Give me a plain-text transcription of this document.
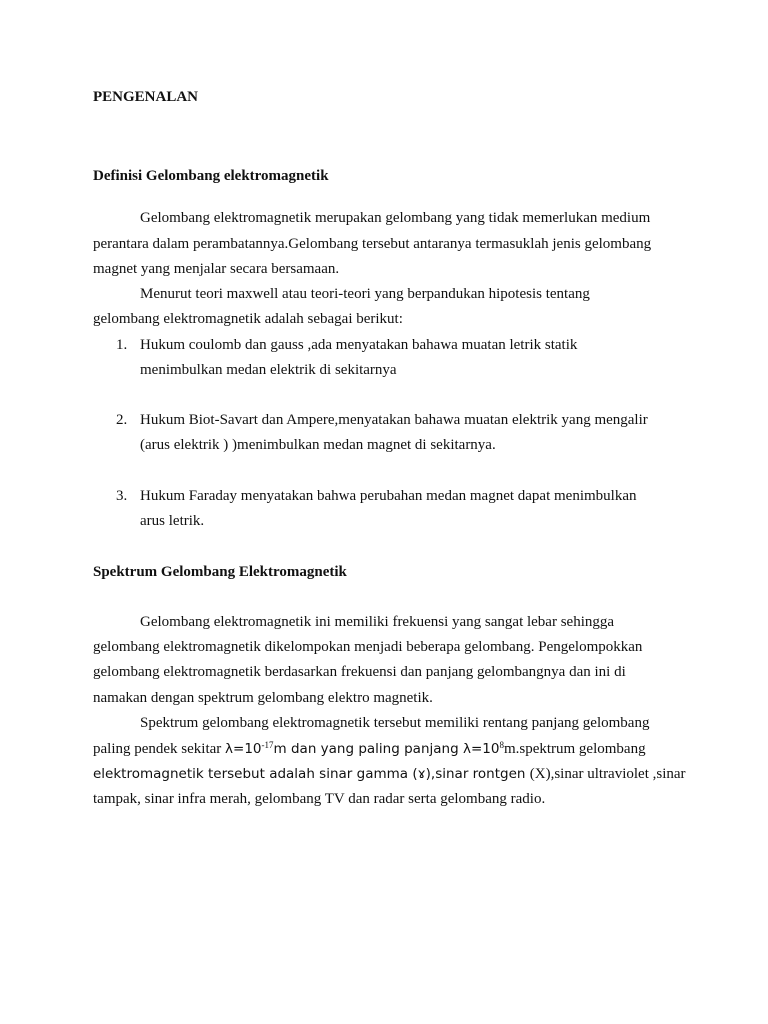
PENGENALAN
Definisi Gelombang elektromagnetik
Gelombang elektromagnetik merupakan gelombang yang tidak memerlukan medium
perantara dalam perambatannya.Gelombang tersebut antaranya termasuklah jenis gelombang
magnet yang menjalar secara bersamaan.
Menurut teori maxwell atau teori-teori yang berpandukan hipotesis tentang
gelombang elektromagnetik adalah sebagai berikut:
1. Hukum coulomb dan gauss ,ada menyatakan bahawa muatan letrik statik
menimbulkan medan elektrik di sekitarnya
2. Hukum Biot-Savart dan Ampere,menyatakan bahawa muatan elektrik yang mengalir
(arus elektrik ) )menimbulkan medan magnet di sekitarnya.
3. Hukum Faraday menyatakan bahwa perubahan medan magnet dapat menimbulkan
arus letrik.
Spektrum Gelombang Elektromagnetik
Gelombang elektromagnetik ini memiliki frekuensi yang sangat lebar sehingga
gelombang elektromagnetik dikelompokan menjadi beberapa gelombang. Pengelompokkan
gelombang elektromagnetik berdasarkan frekuensi dan panjang gelombangnya dan ini di
namakan dengan spektrum gelombang elektro magnetik.
Spektrum gelombang elektromagnetik tersebut memiliki rentang panjang gelombang
paling pendek sekitar $\lambda=10^{-17}m$ dan yang paling panjang $\lambda=10^8m.spektrum$ gelombang
elektromagnetik tersebut adalah sinar gamma (ɤ),sinar rontgen (X),sinar ultraviolet ,sinar
tampak, sinar infra merah, gelombang TV dan radar serta gelombang radio.
